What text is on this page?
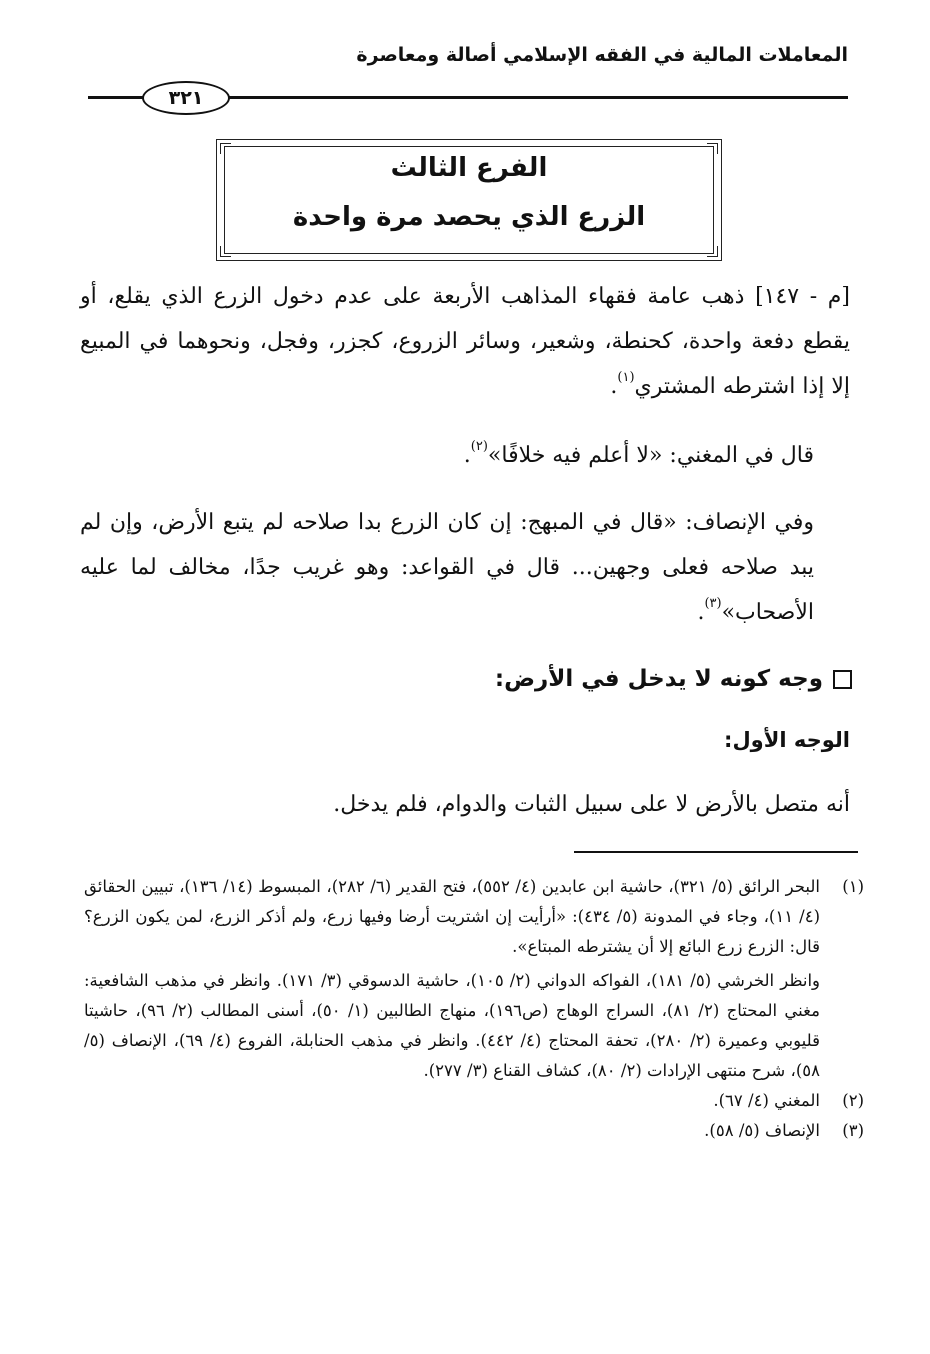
المعاملات المالية في الفقه الإسلامي أصالة ومعاصرة
٣٢١
الفرع الثالث
الزرع الذي يحصد مرة واحدة
[م - ١٤٧] ذهب عامة فقهاء المذاهب الأربعة على عدم دخول الزرع الذي يقلع، أو يقطع دفعة واحدة، كحنطة، وشعير، وسائر الزروع، كجزر، وفجل، ونحوهما في المبيع إلا إذا اشترطه المشتري$^{(١)}$.
قال في المغني: «لا أعلم فيه خلافًا»$^{(٢)}$.
وفي الإنصاف: «قال في المبهج: إن كان الزرع بدا صلاحه لم يتبع الأرض، وإن لم يبد صلاحه فعلى وجهين... قال في القواعد: وهو غريب جدًا، مخالف لما عليه الأصحاب»$^{(٣)}$.
وجه كونه لا يدخل في الأرض:
الوجه الأول:
أنه متصل بالأرض لا على سبيل الثبات والدوام، فلم يدخل.
(١)
البحر الرائق (٥/ ٣٢١)، حاشية ابن عابدين (٤/ ٥٥٢)، فتح القدير (٦/ ٢٨٢)، المبسوط (١٤/ ١٣٦)، تبيين الحقائق (٤/ ١١)، وجاء في المدونة (٥/ ٤٣٤): «أرأيت إن اشتريت أرضا وفيها زرع، ولم أذكر الزرع، لمن يكون الزرع؟ قال: الزرع زرع البائع إلا أن يشترطه المبتاع».
وانظر الخرشي (٥/ ١٨١)، الفواكه الدواني (٢/ ١٠٥)، حاشية الدسوقي (٣/ ١٧١). وانظر في مذهب الشافعية: مغني المحتاج (٢/ ٨١)، السراج الوهاج (ص١٩٦)، منهاج الطالبين (١/ ٥٠)، أسنى المطالب (٢/ ٩٦)، حاشيتا قليوبي وعميرة (٢/ ٢٨٠)، تحفة المحتاج (٤/ ٤٤٢). وانظر في مذهب الحنابلة، الفروع (٤/ ٦٩)، الإنصاف (٥/ ٥٨)، شرح منتهى الإرادات (٢/ ٨٠)، كشاف القناع (٣/ ٢٧٧).
(٢)
المغني (٤/ ٦٧).
(٣)
الإنصاف (٥/ ٥٨).
